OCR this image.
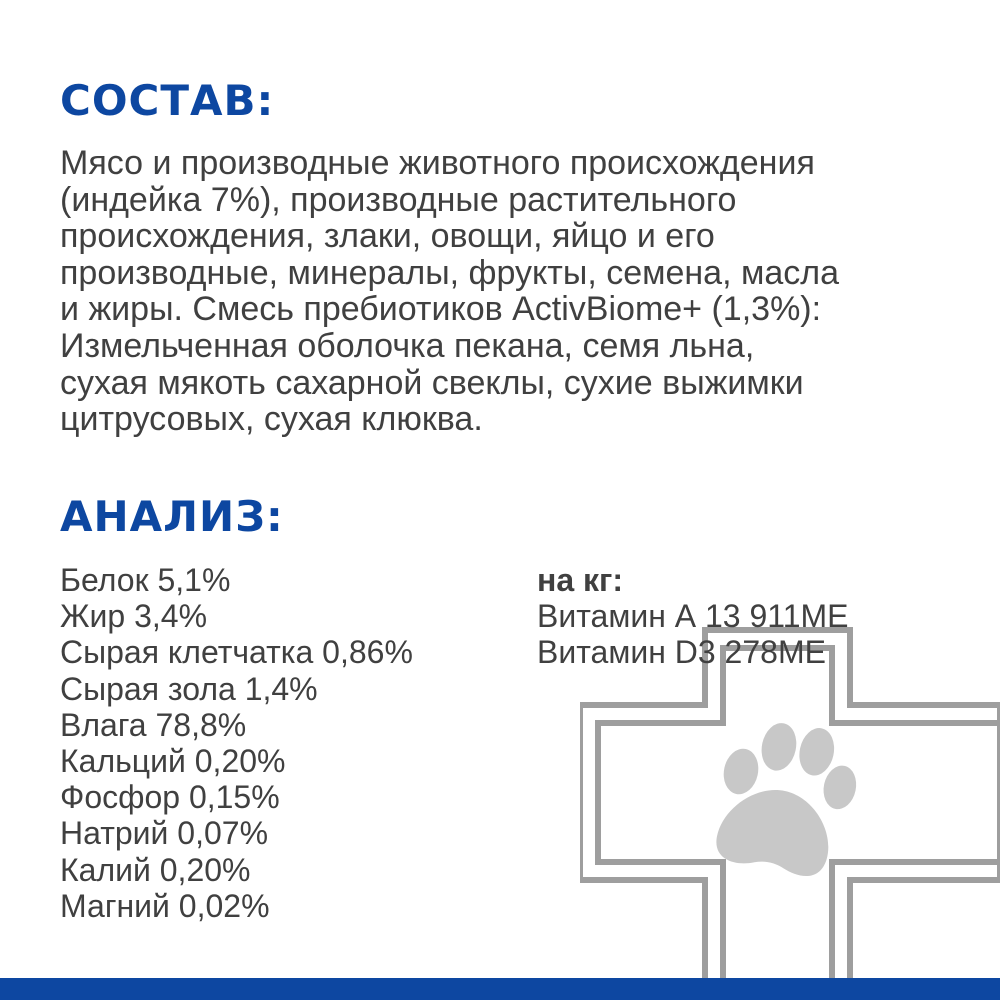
СОСТАВ:
Мясо и производные животного происхождения
(индейка 7%), производные растительного
происхождения, злаки, овощи, яйцо и его
производные, минералы, фрукты, семена, масла
и жиры. Смесь пребиотиков ActivBiome+ (1,3%):
Измельченная оболочка пекана, семя льна,
сухая мякоть сахарной свеклы, сухие выжимки
цитрусовых, сухая клюква.
АНАЛИЗ:
Белок 5,1%
Жир 3,4%
Сырая клетчатка 0,86%
Сырая зола 1,4%
Влага 78,8%
Кальций 0,20%
Фосфор 0,15%
Натрий 0,07%
Калий 0,20%
Магний 0,02%
на кг:
Витамин А 13 911МЕ
Витамин D3 278МЕ
